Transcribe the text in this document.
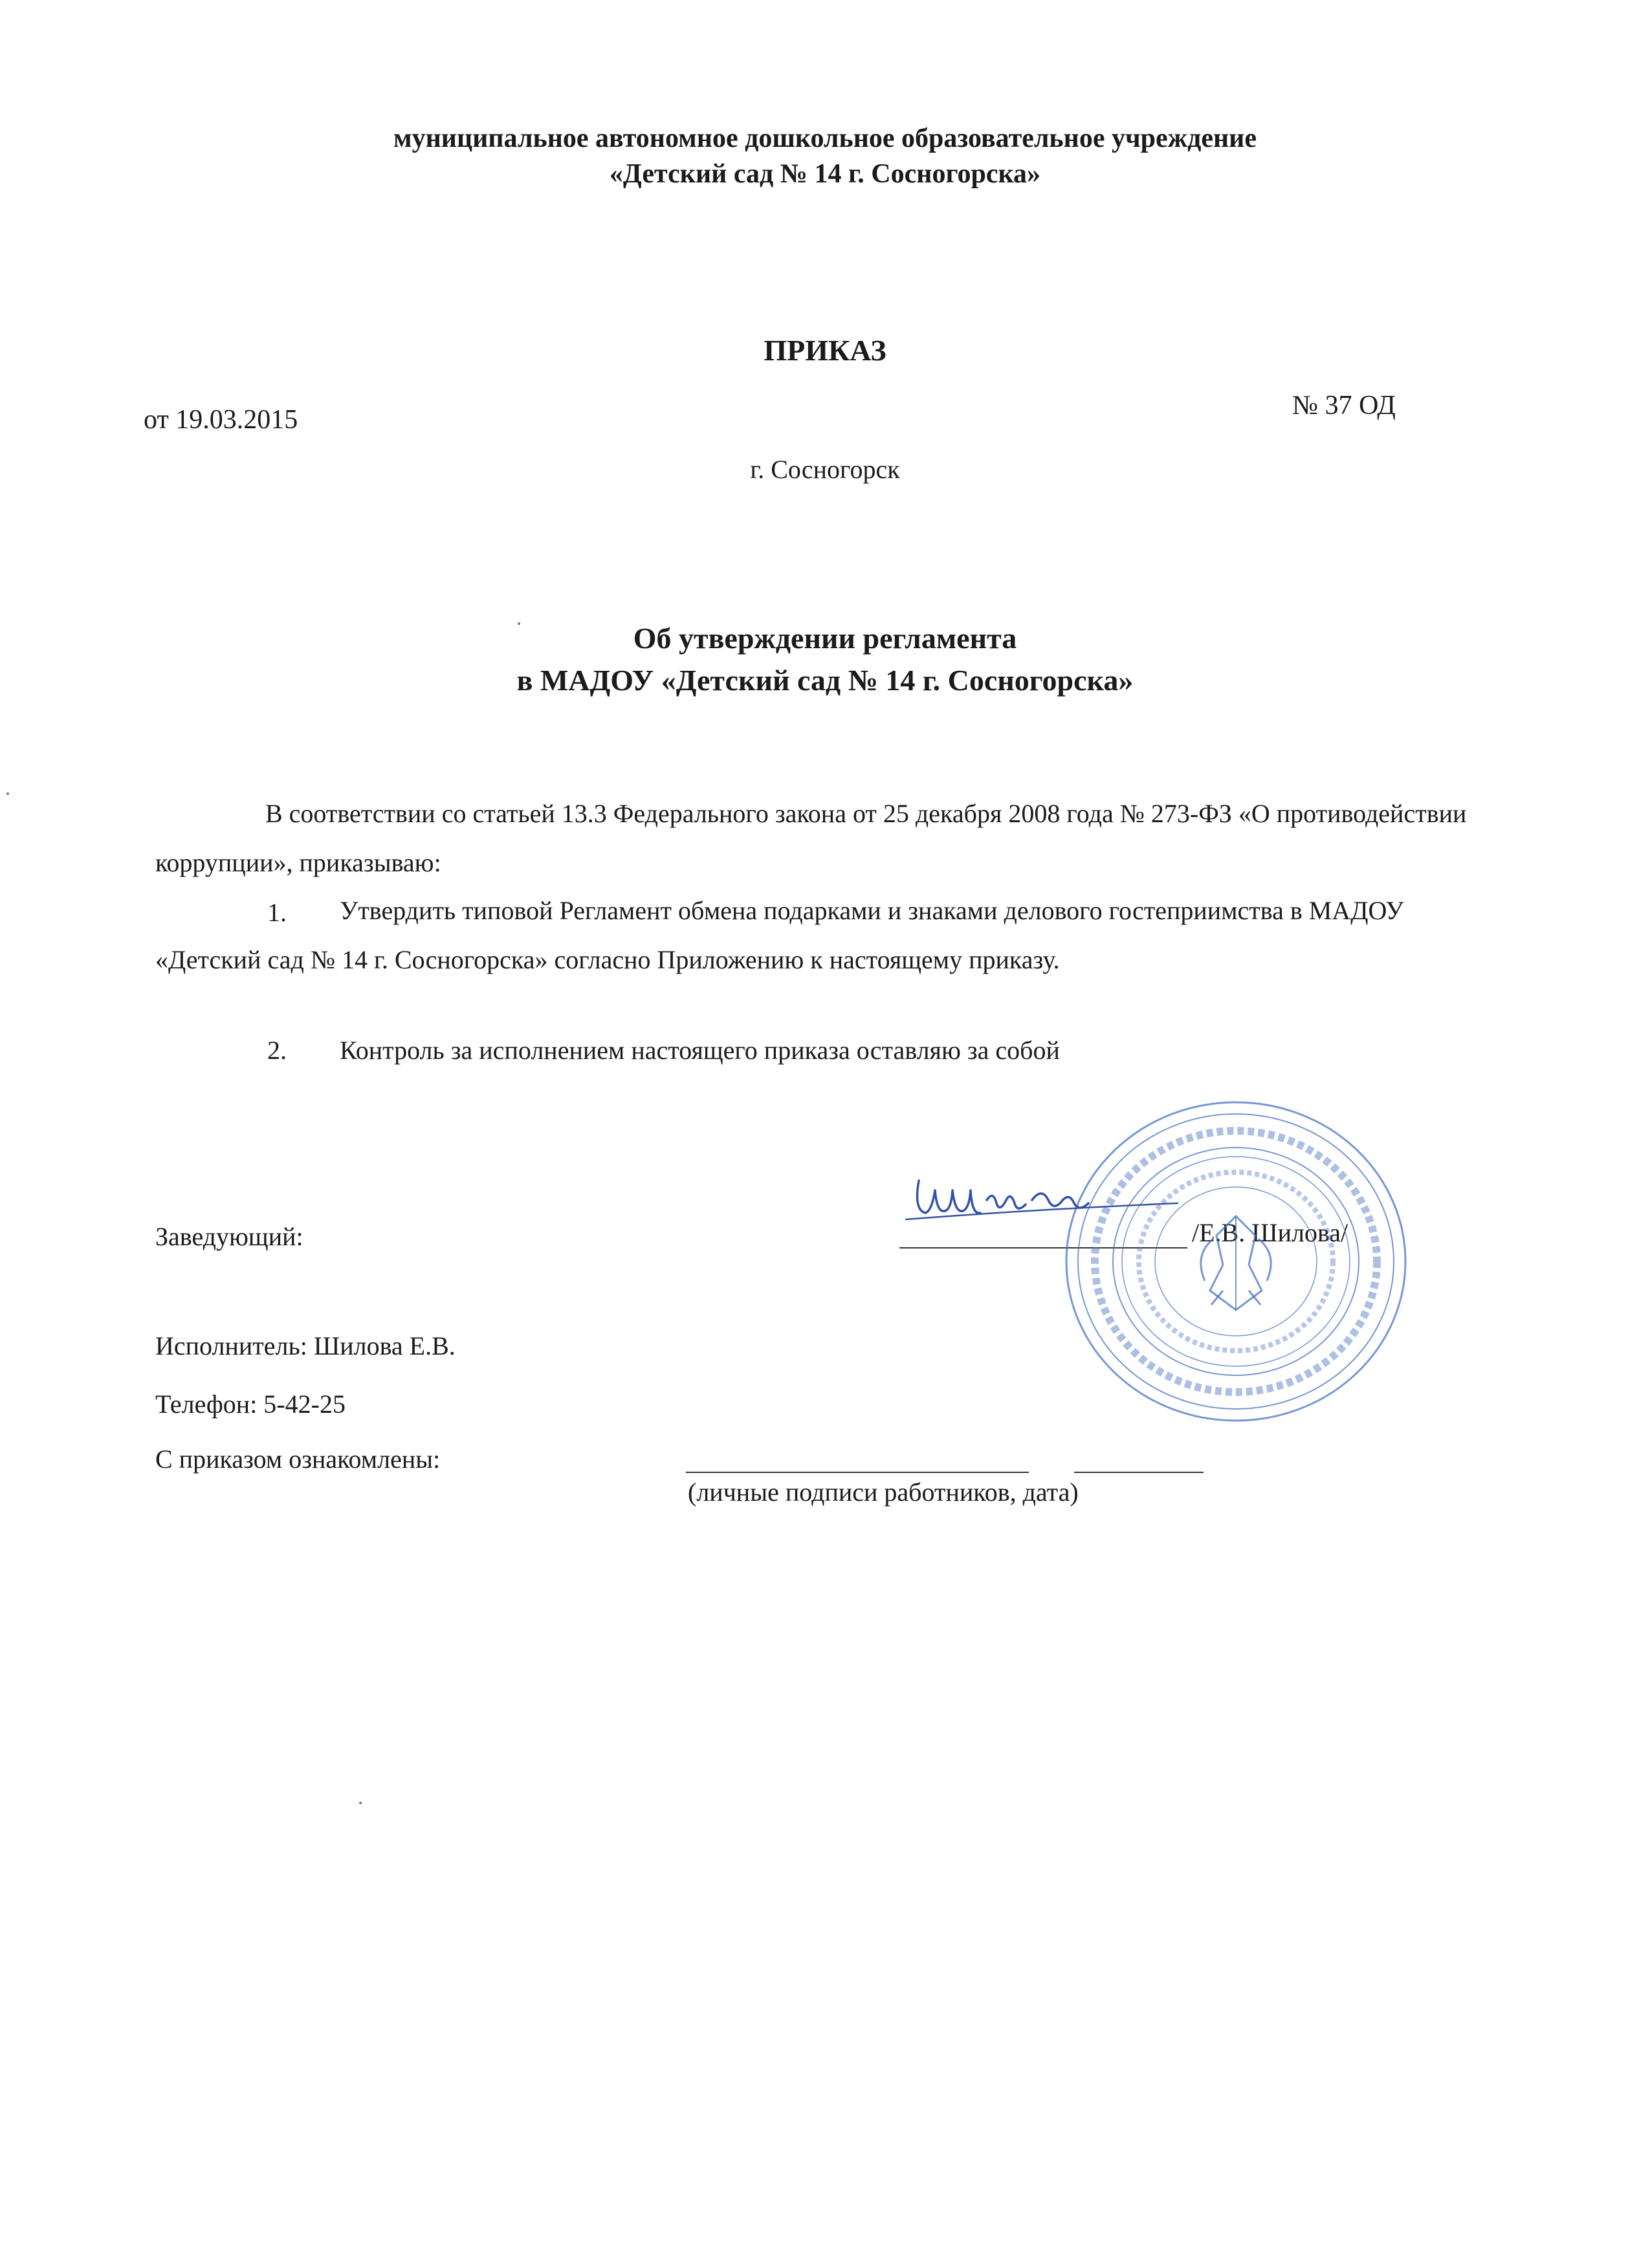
муниципальное автономное дошкольное образовательное учреждение
«Детский сад № 14 г. Сосногорска»
ПРИКАЗ
от 19.03.2015	№ 37 ОД
г. Сосногорск
Об утверждении регламента
в МАДОУ «Детский сад № 14 г. Сосногорска»
В соответствии со статьей 13.3 Федерального закона от 25 декабря 2008 года № 273-ФЗ «О противодействии коррупции», приказываю:
1.	Утвердить типовой Регламент обмена подарками и знаками делового гостеприимства в МАДОУ «Детский сад № 14 г. Сосногорска» согласно Приложению к настоящему приказу.
2. Контроль за исполнением настоящего приказа оставляю за собой
Заведующий:	/Е.В. Шилова/
Исполнитель: Шилова Е.В.
Телефон: 5-42-25
С приказом ознакомлены:
(личные подписи работников, дата)
